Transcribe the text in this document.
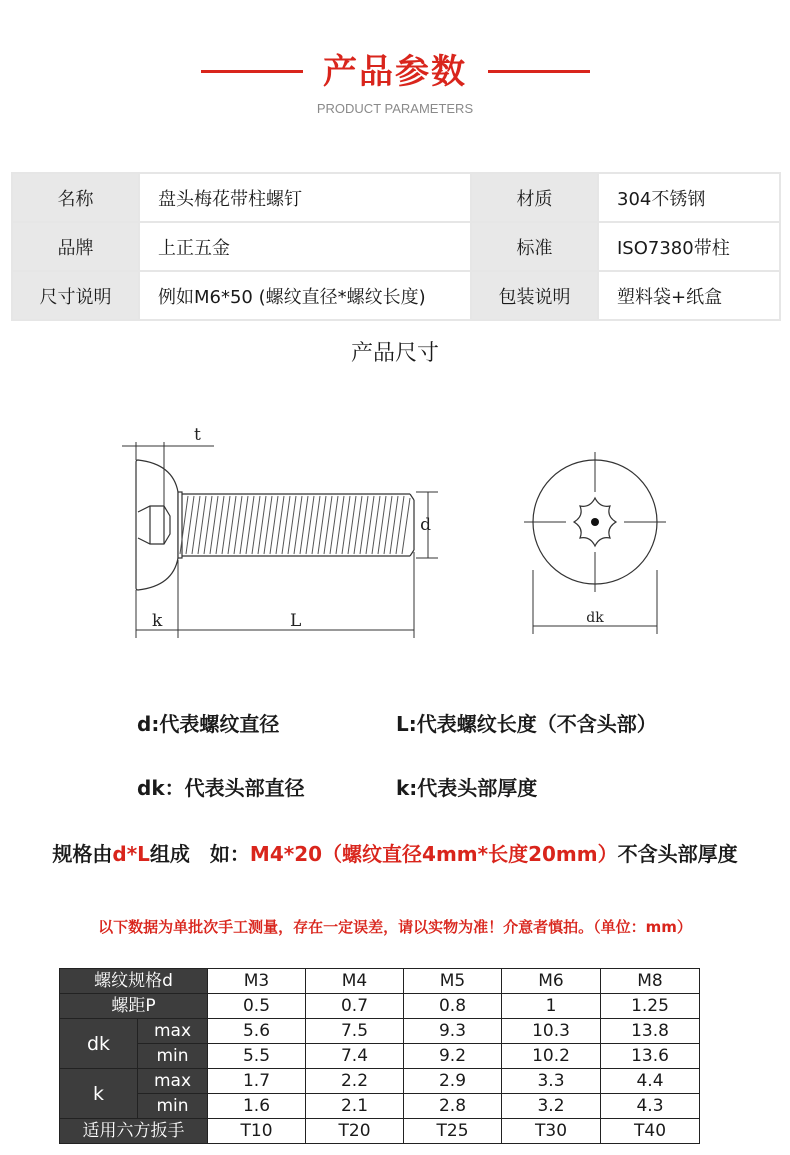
产品参数
PRODUCT PARAMETERS
名称	盘头梅花带柱螺钉	材质	304不锈钢
品牌	上正五金	标准	ISO7380带柱
尺寸说明	例如M6*50 (螺纹直径*螺纹长度)	包装说明	塑料袋+纸盒
产品尺寸
t
d
k	L	dk
d:代表螺纹直径	L:代表螺纹长度（不含头部）
dk：代表头部直径	k:代表头部厚度
规格由d*L组成　如：M4*20（螺纹直径4mm*长度20mm）不含头部厚度
以下数据为单批次手工测量，存在一定误差，请以实物为准！介意者慎拍。（单位：mm）
螺纹规格d		M3	M4	M5	M6	M8
螺距P		0.5	0.7	0.8	1	1.25
dk	max	5.6	7.5	9.3	10.3	13.8
	min	5.5	7.4	9.2	10.2	13.6
k	max	1.7	2.2	2.9	3.3	4.4
	min	1.6	2.1	2.8	3.2	4.3
适用六方扳手		T10	T20	T25	T30	T40
